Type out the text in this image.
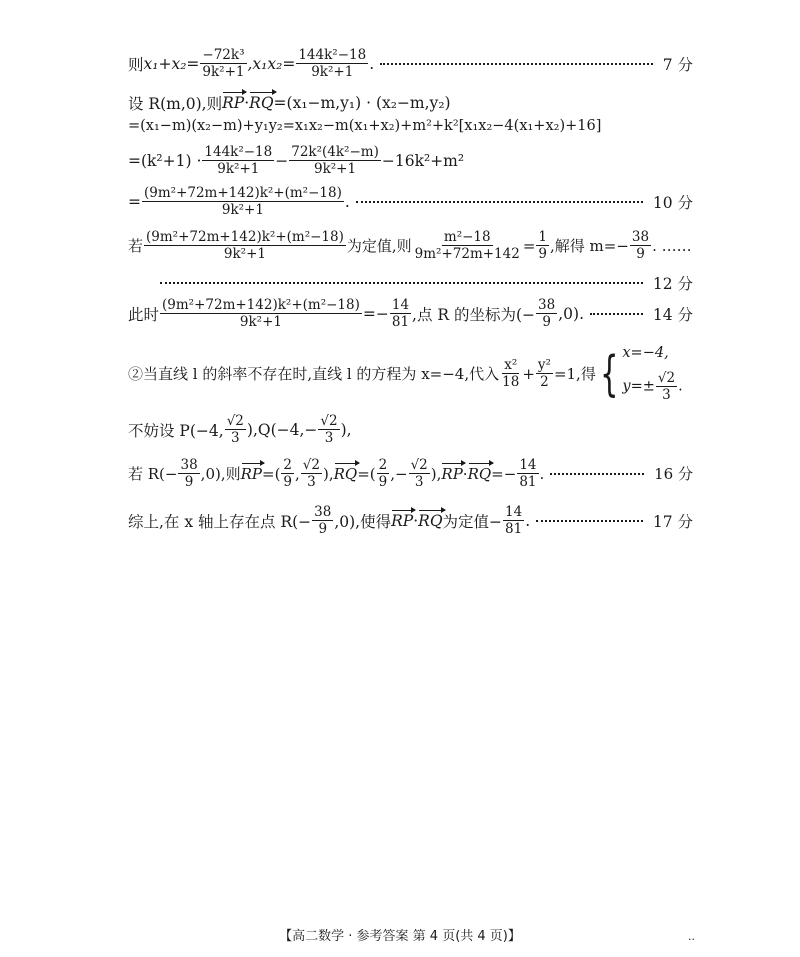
则 $x_1+x_2= \frac{\text{−72k³}}{\text{9k²+1}} ,x_1x_2= \frac{\text{144k²−18}}{\text{9k²+1}}$ .	7 分
设 R(m,0),则 RP · RQ =(x₁−m,y₁) · (x₂−m,y₂)
=(x₁−m)(x₂−m)+y₁y₂=x₁x₂−m(x₁+x₂)+m²+k²[x₁x₂−4(x₁+x₂)+16]
$=(k^2+1) \cdot \frac{\text{144k²−18}}{\text{9k²+1}} - \frac{\text{72k²(4k²−m)}}{\text{9k²+1}} -16k^2+m^2$
= $\frac{\text{(9m²+72m+142)k²+(m²−18)}}{\text{9k²+1}}$ .	10 分
若 $\frac{\text{(9m²+72m+142)k²+(m²−18)}}{\text{9k²+1}}$ 为定值,则 $\frac{\text{m²−18}}{\text{9m²+72m+142}} = \frac{1}{9}$ ,解得 $m=- \frac{38}{9}$ . ……
12 分
此时 $\frac{\text{(9m²+72m+142)k²+(m²−18)}}{\text{9k²+1}} =- \frac{14}{81}$ ,点 R 的坐标为(− $\frac{38}{9} ,0$).	14 分
②当直线 l 的斜率不存在时,直线 l 的方程为 x=−4,代入 $\frac{\text{x²}}{18} + \frac{\text{y²}}{2} =1$,得 { x=−4,
$y=\pm \frac{√2}{3}$ .
不妨设 P(−4, $\frac{√2}{3} ),Q(-4,- \frac{√2}{3}$ ),
若 $R(- \frac{38}{9} ,0)$,则 RP =( $\frac{2}{9}$ , $\frac{√2}{3}$ ), RQ =( $\frac{2}{9}$ ,− $\frac{√2}{3}$ ), RP · RQ =− $\frac{14}{81}$ .	16 分
综上,在 x 轴上存在点 $R(- \frac{38}{9} ,0)$,使得 RP · RQ 为定值− $\frac{14}{81}$ .	17 分
【高二数学 · 参考答案 第 4 页(共 4 页)】	..
